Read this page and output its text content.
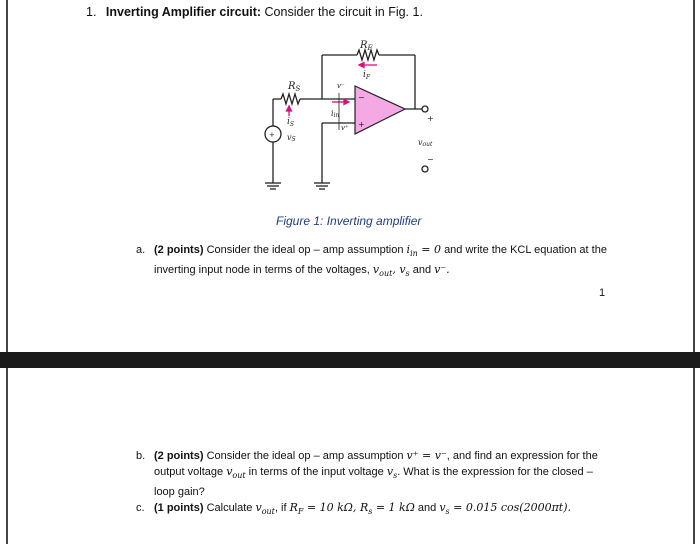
1. Inverting Amplifier circuit: Consider the circuit in Fig. 1.
$R_F$
$i_F$
$R_S$
$i_S$
vS
iin
v⁻
v⁺
vout
−
+
+
−
+
Figure 1: Inverting amplifier
a. (2 points) Consider the ideal op – amp assumption $i_{in} = 0$ and write the KCL equation at the
inverting input node in terms of the voltages, $v_{out}$, $v_s$ and v⁻.
1
b. (2 points) Consider the ideal op – amp assumption v⁺ = v⁻, and find an expression for the
output voltage $v_{out}$ in terms of the input voltage $v_s$. What is the expression for the closed –
loop gain?
c. (1 points) Calculate $v_{out}$, if $R_F = 10$ kΩ, $R_s = 1$ kΩ and $v_s = 0.015$ cos(2000πt).
